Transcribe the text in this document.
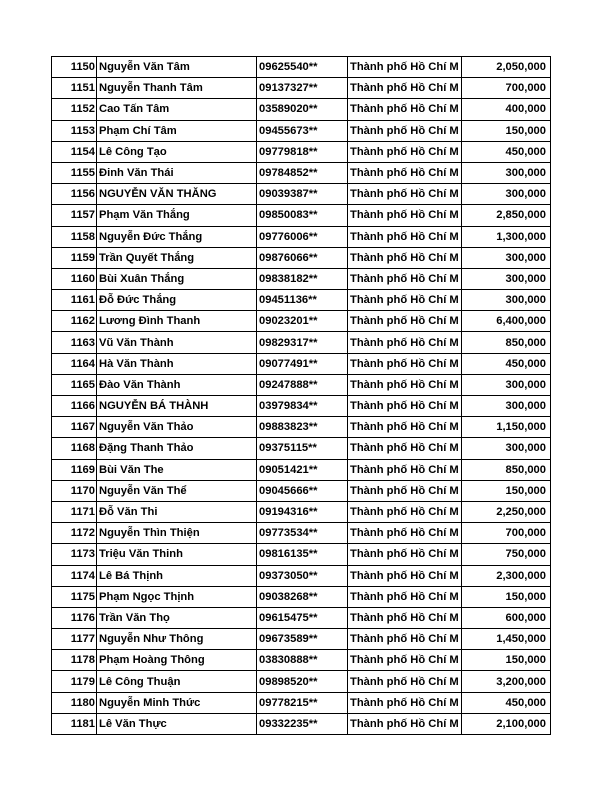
1150	Nguyễn Văn Tâm	09625540**	Thành phố Hồ Chí M	2,050,000
1151	Nguyễn Thanh Tâm	09137327**	Thành phố Hồ Chí M	700,000
1152	Cao Tấn Tâm	03589020**	Thành phố Hồ Chí M	400,000
1153	Phạm Chí Tâm	09455673**	Thành phố Hồ Chí M	150,000
1154	Lê Công Tạo	09779818**	Thành phố Hồ Chí M	450,000
1155	Đinh Văn Thái	09784852**	Thành phố Hồ Chí M	300,000
1156	NGUYỄN VĂN THĂNG	09039387**	Thành phố Hồ Chí M	300,000
1157	Phạm Văn Thắng	09850083**	Thành phố Hồ Chí M	2,850,000
1158	Nguyễn Đức Thắng	09776006**	Thành phố Hồ Chí M	1,300,000
1159	Trần Quyết Thắng	09876066**	Thành phố Hồ Chí M	300,000
1160	Bùi Xuân Thắng	09838182**	Thành phố Hồ Chí M	300,000
1161	Đỗ Đức Thắng	09451136**	Thành phố Hồ Chí M	300,000
1162	Lương Đình Thanh	09023201**	Thành phố Hồ Chí M	6,400,000
1163	Vũ Văn Thành	09829317**	Thành phố Hồ Chí M	850,000
1164	Hà Văn Thành	09077491**	Thành phố Hồ Chí M	450,000
1165	Đào Văn Thành	09247888**	Thành phố Hồ Chí M	300,000
1166	NGUYỄN BÁ THÀNH	03979834**	Thành phố Hồ Chí M	300,000
1167	Nguyễn Văn Thảo	09883823**	Thành phố Hồ Chí M	1,150,000
1168	Đặng Thanh Thảo	09375115**	Thành phố Hồ Chí M	300,000
1169	Bùi Văn The	09051421**	Thành phố Hồ Chí M	850,000
1170	Nguyễn Văn Thể	09045666**	Thành phố Hồ Chí M	150,000
1171	Đỗ Văn Thi	09194316**	Thành phố Hồ Chí M	2,250,000
1172	Nguyễn Thìn Thiện	09773534**	Thành phố Hồ Chí M	700,000
1173	Triệu Văn Thinh	09816135**	Thành phố Hồ Chí M	750,000
1174	Lê Bá Thịnh	09373050**	Thành phố Hồ Chí M	2,300,000
1175	Phạm Ngọc Thịnh	09038268**	Thành phố Hồ Chí M	150,000
1176	Trần Văn Thọ	09615475**	Thành phố Hồ Chí M	600,000
1177	Nguyễn Như Thông	09673589**	Thành phố Hồ Chí M	1,450,000
1178	Phạm Hoàng Thông	03830888**	Thành phố Hồ Chí M	150,000
1179	Lê Công Thuận	09898520**	Thành phố Hồ Chí M	3,200,000
1180	Nguyễn Minh Thức	09778215**	Thành phố Hồ Chí M	450,000
1181	Lê Văn Thực	09332235**	Thành phố Hồ Chí M	2,100,000
